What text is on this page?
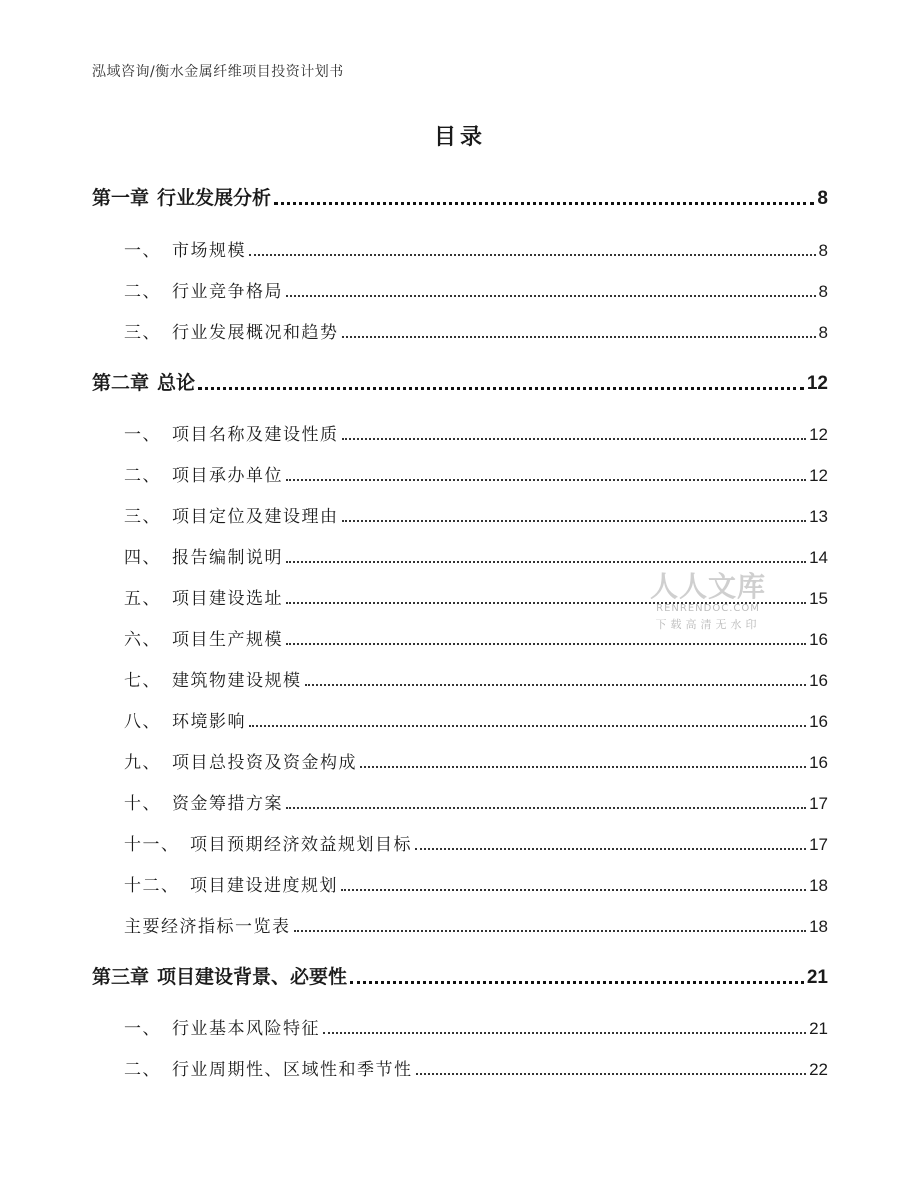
泓域咨询/衡水金属纤维项目投资计划书
目录
第一章 行业发展分析	8
一、 市场规模	8
二、 行业竞争格局	8
三、 行业发展概况和趋势	8
第二章 总论	12
一、 项目名称及建设性质	12
二、 项目承办单位	12
三、 项目定位及建设理由	13
四、 报告编制说明	14
五、 项目建设选址	15
六、 项目生产规模	16
七、 建筑物建设规模	16
八、 环境影响	16
九、 项目总投资及资金构成	16
十、 资金筹措方案	17
十一、 项目预期经济效益规划目标	17
十二、 项目建设进度规划	18
主要经济指标一览表	18
第三章 项目建设背景、必要性	21
一、 行业基本风险特征	21
二、 行业周期性、区域性和季节性	22
人人文库
RENRENDOC.COM
下载高清无水印
